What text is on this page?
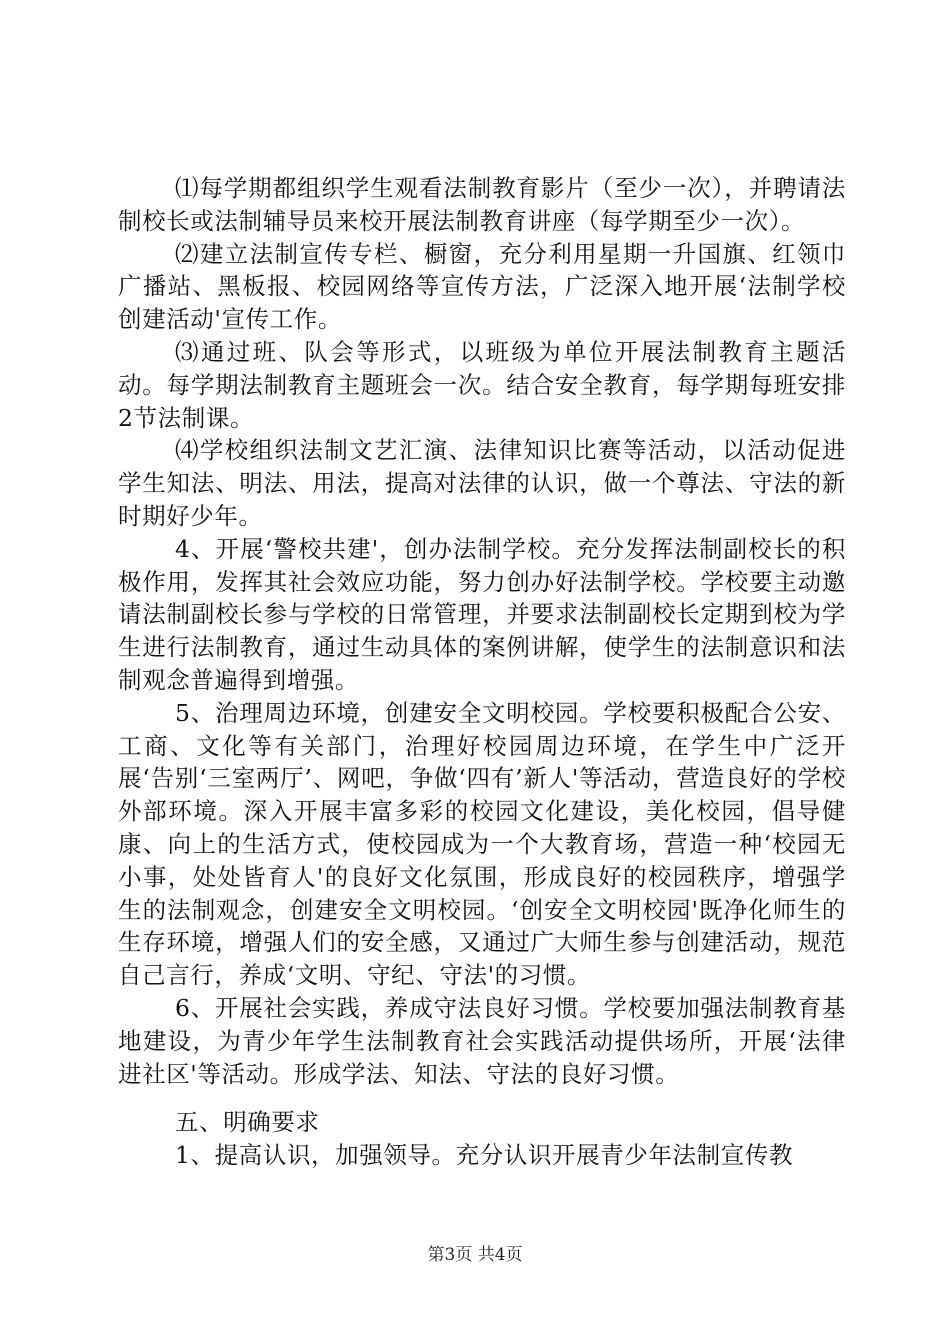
⑴每学期都组织学生观看法制教育影片（至少一次），并聘请法制校长或法制辅导员来校开展法制教育讲座（每学期至少一次）。

⑵建立法制宣传专栏、橱窗，充分利用星期一升国旗、红领巾广播站、黑板报、校园网络等宣传方法，广泛深入地开展‘法制学校创建活动'宣传工作。

⑶通过班、队会等形式，以班级为单位开展法制教育主题活动。每学期法制教育主题班会一次。结合安全教育，每学期每班安排2节法制课。

⑷学校组织法制文艺汇演、法律知识比赛等活动，以活动促进学生知法、明法、用法，提高对法律的认识，做一个尊法、守法的新时期好少年。

4、开展‘警校共建'，创办法制学校。充分发挥法制副校长的积极作用，发挥其社会效应功能，努力创办好法制学校。学校要主动邀请法制副校长参与学校的日常管理，并要求法制副校长定期到校为学生进行法制教育，通过生动具体的案例讲解，使学生的法制意识和法制观念普遍得到增强。

5、治理周边环境，创建安全文明校园。学校要积极配合公安、工商、文化等有关部门，治理好校园周边环境，在学生中广泛开展‘告别‘三室两厅’、网吧，争做‘四有’新人'等活动，营造良好的学校外部环境。深入开展丰富多彩的校园文化建设，美化校园，倡导健康、向上的生活方式，使校园成为一个大教育场，营造一种‘校园无小事，处处皆育人'的良好文化氛围，形成良好的校园秩序，增强学生的法制观念，创建安全文明校园。‘创安全文明校园'既净化师生的生存环境，增强人们的安全感，又通过广大师生参与创建活动，规范自己言行，养成‘文明、守纪、守法'的习惯。

6、开展社会实践，养成守法良好习惯。学校要加强法制教育基地建设，为青少年学生法制教育社会实践活动提供场所，开展‘法律进社区'等活动。形成学法、知法、守法的良好习惯。

五、明确要求

1、提高认识，加强领导。充分认识开展青少年法制宣传教

第3页 共4页
